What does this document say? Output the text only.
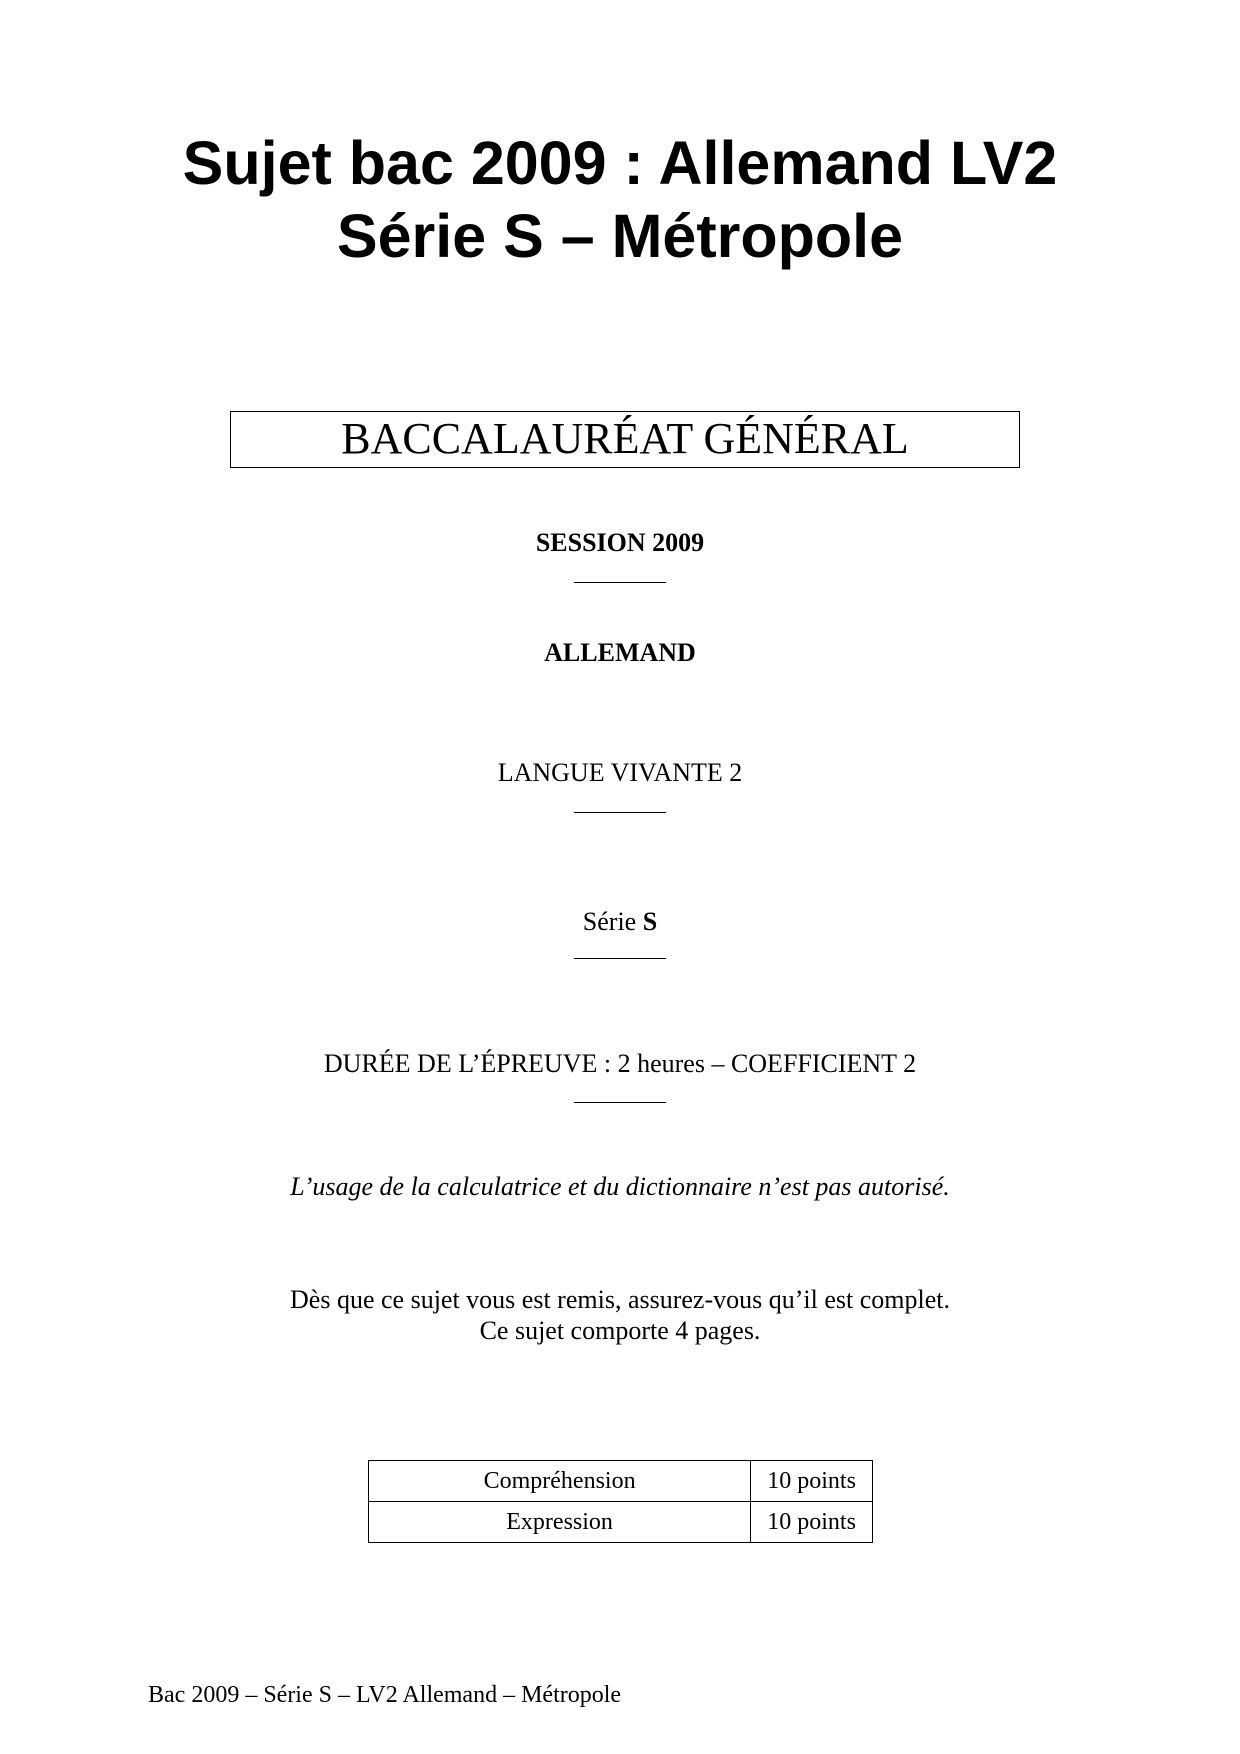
Sujet bac 2009 : Allemand LV2
Série S – Métropole
BACCALAURÉAT GÉNÉRAL
SESSION 2009
ALLEMAND
LANGUE VIVANTE 2
Série S
DURÉE DE L’ÉPREUVE : 2 heures – COEFFICIENT 2
L’usage de la calculatrice et du dictionnaire n’est pas autorisé.
Dès que ce sujet vous est remis, assurez-vous qu’il est complet.
Ce sujet comporte 4 pages.
Compréhension	10 points
Expression	10 points
Bac 2009 – Série S – LV2 Allemand – Métropole
